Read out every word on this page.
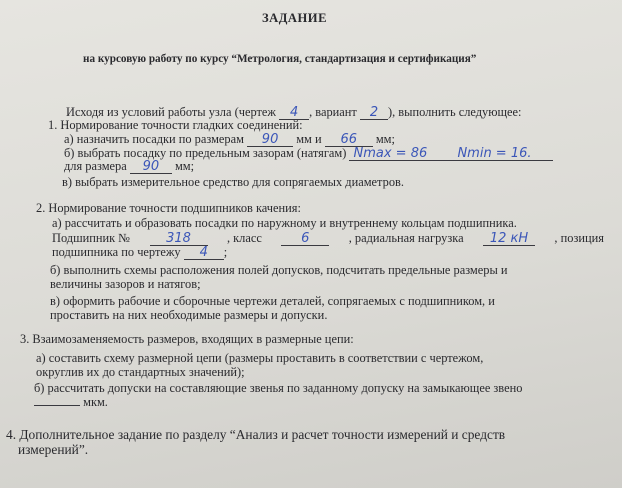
ЗАДАНИЕ
на курсовую работу по курсу “Метрология, стандартизация и сертификация”
Исходя из условий работы узла (чертеж 4 , вариант 2 ), выполнить следующее:
1. Нормирование точности гладких соединений:
а) назначить посадки по размерам 90 мм и 66 мм;
б) выбрать посадку по предельным зазорам (натягам) Nmax = 86 Nmin = 16.
для размера 90 мм;
в) выбрать измерительное средство для сопрягаемых диаметров.
2. Нормирование точности подшипников качения:
а) рассчитать и образовать посадки по наружному и внутреннему кольцам подшипника.
Подшипник №	318	, класс	6	, радиальная нагрузка	12 кН	, позиция
подшипника по чертежу 4 ;
б) выполнить схемы расположения полей допусков, подсчитать предельные размеры и
величины зазоров и натягов;
в) оформить рабочие и сборочные чертежи деталей, сопрягаемых с подшипником, и
проставить на них необходимые размеры и допуски.
3. Взаимозаменяемость размеров, входящих в размерные цепи:
а) составить схему размерной цепи (размеры проставить в соответствии с чертежом,
округлив их до стандартных значений);
б) рассчитать допуски на составляющие звенья по заданному допуску на замыкающее звено
мкм.
4. Дополнительное задание по разделу “Анализ и расчет точности измерений и средств
измерений”.
